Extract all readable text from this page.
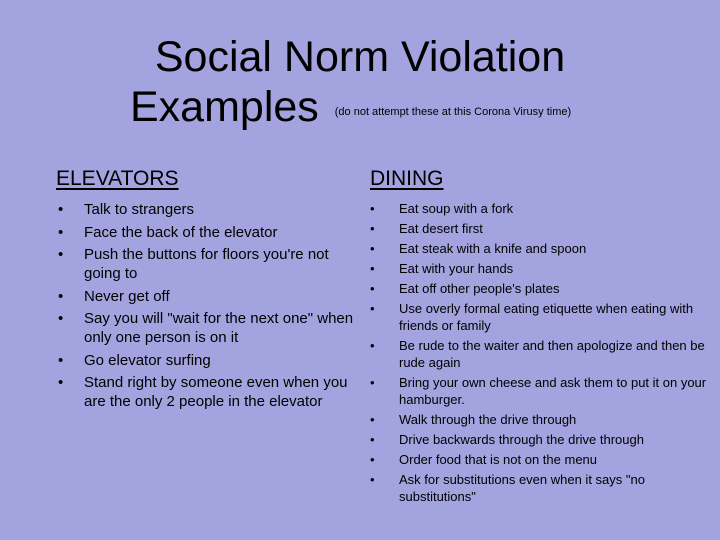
Social Norm Violation
Examples (do not attempt these at this Corona Virusy time)
ELEVATORS	DINING
• Talk to strangers
• Face the back of the elevator
• Push the buttons for floors you're not going to
• Never get off
• Say you will "wait for the next one" when only one person is on it
• Go elevator surfing
• Stand right by someone even when you are the only 2 people in the elevator
• Eat soup with a fork
• Eat desert first
• Eat steak with a knife and spoon
• Eat with your hands
• Eat off other people's plates
• Use overly formal eating etiquette when eating with friends or family
• Be rude to the waiter and then apologize and then be rude again
• Bring your own cheese and ask them to put it on your hamburger.
• Walk through the drive through
• Drive backwards through the drive through
• Order food that is not on the menu
• Ask for substitutions even when it says "no substitutions"
